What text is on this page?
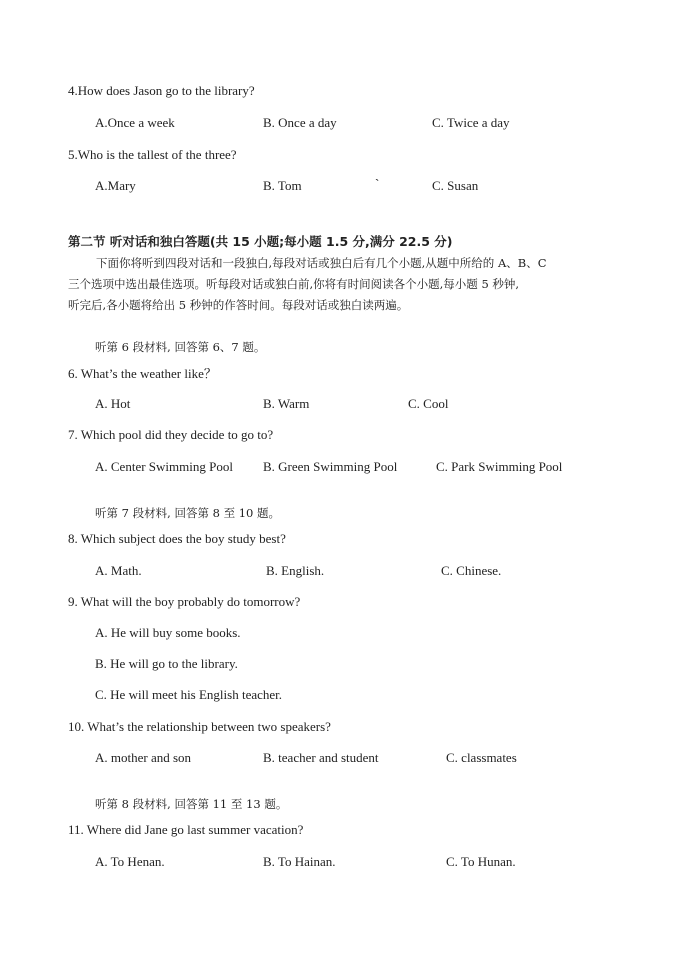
4.How does Jason go to the library?
A.Once a week	B. Once a day	C. Twice a day
5.Who is the tallest of the three?
A.Mary	B. Tom	`	C. Susan
第二节 听对话和独白答题(共 15 小题;每小题 1.5 分,满分 22.5 分)
下面你将听到四段对话和一段独白,每段对话或独白后有几个小题,从题中所给的 A、B、C
三个选项中选出最佳选项。听每段对话或独白前,你将有时间阅读各个小题,每小题 5 秒钟,
听完后,各小题将给出 5 秒钟的作答时间。每段对话或独白读两遍。
听第 6 段材料, 回答第 6、7 题。
6. What’s the weather like？
A. Hot	B. Warm	C. Cool
7. Which pool did they decide to go to?
A. Center Swimming Pool B. Green Swimming Pool	C. Park Swimming Pool
听第 7 段材料, 回答第 8 至 10 题。
8. Which subject does the boy study best?
A. Math.	B. English.	C. Chinese.
9. What will the boy probably do tomorrow?
A. He will buy some books.
B. He will go to the library.
C. He will meet his English teacher.
10. What’s the relationship between two speakers?
A. mother and son	B. teacher and student	C. classmates
听第 8 段材料, 回答第 11 至 13 题。
11. Where did Jane go last summer vacation?
A. To Henan.	B. To Hainan.	C. To Hunan.
